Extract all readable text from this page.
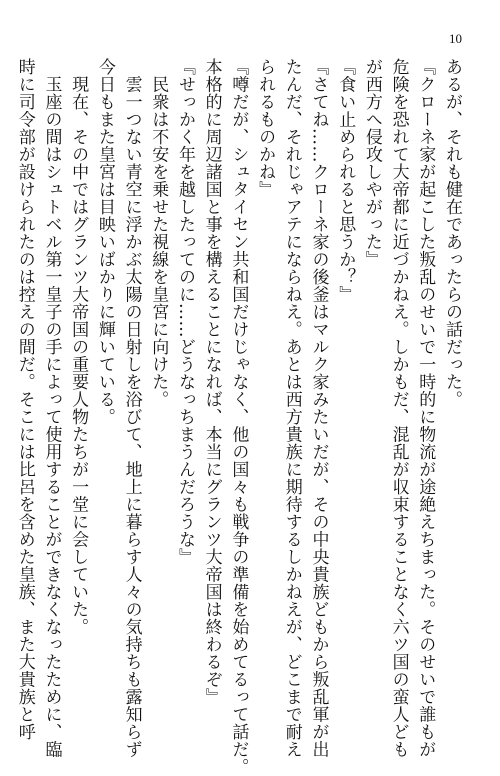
10
あるが、それも健在であったらの話だった。
『クローネ家が起こした叛乱のせいで一時的に物流が途絶えちまった。そのせいで誰もが
危険を恐れて大帝都に近づかねえ。しかもだ、混乱が収束することなく六ツ国の蛮人ども
が西方へ侵攻しやがった』
『食い止められると思うか？』
『さてね……クローネ家の後釜はマルク家みたいだが、その中央貴族どもから叛乱軍が出
たんだ、それじゃアテにならねえ。あとは西方貴族に期待するしかねえが、どこまで耐え
られるものかね』
『噂だが、シュタイセン共和国だけじゃなく、他の国々も戦争の準備を始めてるって話だ。
本格的に周辺諸国と事を構えることになれば、本当にグランツ大帝国は終わるぞ』
『せっかく年を越したってのに……どうなっちまうんだろうな』
　民衆は不安を乗せた視線を皇宮に向けた。
　雲一つない青空に浮かぶ太陽の日射しを浴びて、地上に暮らす人々の気持ちも露知らず
今日もまた皇宮は目映いばかりに輝いている。
　現在、その中ではグランツ大帝国の重要人物たちが一堂に会していた。
　玉座の間はシュトベル第一皇子の手によって使用することができなくなったために、臨
時に司令部が設けられたのは控えの間だ。そこには比呂を含めた皇族、また大貴族と呼
